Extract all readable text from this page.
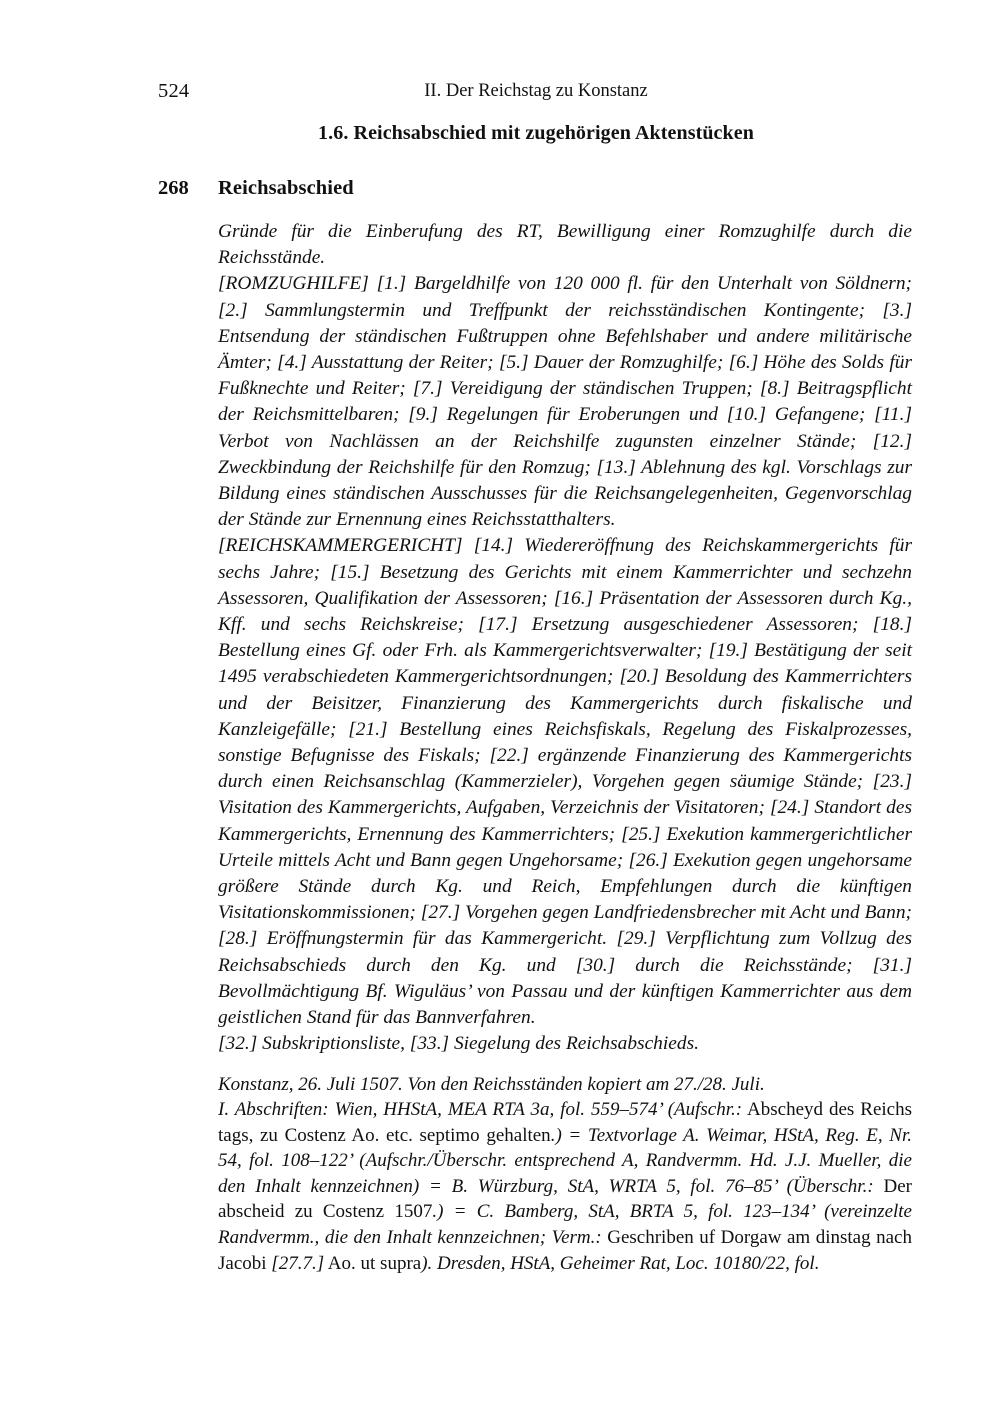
524	II. Der Reichstag zu Konstanz
1.6. Reichsabschied mit zugehörigen Aktenstücken
268 Reichsabschied

Gründe für die Einberufung des RT, Bewilligung einer Romzughilfe durch die Reichsstände.

[ROMZUGHILFE] [1.] Bargeldhilfe von 120 000 fl. für den Unterhalt von Söldnern; [2.] Sammlungstermin und Treffpunkt der reichsständischen Kontingente; [3.] Entsendung der ständischen Fußtruppen ohne Befehlshaber und andere militärische Ämter; [4.] Ausstattung der Reiter; [5.] Dauer der Romzughilfe; [6.] Höhe des Solds für Fußknechte und Reiter; [7.] Vereidigung der ständischen Truppen; [8.] Beitragspflicht der Reichsmittelbaren; [9.] Regelungen für Eroberungen und [10.] Gefangene; [11.] Verbot von Nachlässen an der Reichshilfe zugunsten einzelner Stände; [12.] Zweckbindung der Reichshilfe für den Romzug; [13.] Ablehnung des kgl. Vorschlags zur Bildung eines ständischen Ausschusses für die Reichsangelegenheiten, Gegenvorschlag der Stände zur Ernennung eines Reichsstatthalters.

[REICHSKAMMERGERICHT] [14.] Wiedereröffnung des Reichskammergerichts für sechs Jahre; [15.] Besetzung des Gerichts mit einem Kammerrichter und sechzehn Assessoren, Qualifikation der Assessoren; [16.] Präsentation der Assessoren durch Kg., Kff. und sechs Reichskreise; [17.] Ersetzung ausgeschiedener Assessoren; [18.] Bestellung eines Gf. oder Frh. als Kammergerichtsverwalter; [19.] Bestätigung der seit 1495 verabschiedeten Kammergerichtsordnungen; [20.] Besoldung des Kammerrichters und der Beisitzer, Finanzierung des Kammergerichts durch fiskalische und Kanzleigefälle; [21.] Bestellung eines Reichsfiskals, Regelung des Fiskalprozesses, sonstige Befugnisse des Fiskals; [22.] ergänzende Finanzierung des Kammergerichts durch einen Reichsanschlag (Kammerzieler), Vorgehen gegen säumige Stände; [23.] Visitation des Kammergerichts, Aufgaben, Verzeichnis der Visitatoren; [24.] Standort des Kammergerichts, Ernennung des Kammerrichters; [25.] Exekution kammergerichtlicher Urteile mittels Acht und Bann gegen Ungehorsame; [26.] Exekution gegen ungehorsame größere Stände durch Kg. und Reich, Empfehlungen durch die künftigen Visitationskommissionen; [27.] Vorgehen gegen Landfriedensbrecher mit Acht und Bann; [28.] Eröffnungstermin für das Kammergericht. [29.] Verpflichtung zum Vollzug des Reichsabschieds durch den Kg. und [30.] durch die Reichsstände; [31.] Bevollmächtigung Bf. Wiguläus’ von Passau und der künftigen Kammerrichter aus dem geistlichen Stand für das Bannverfahren.

[32.] Subskriptionsliste, [33.] Siegelung des Reichsabschieds.

Konstanz, 26. Juli 1507. Von den Reichsständen kopiert am 27./28. Juli.

I. Abschriften: Wien, HHStA, MEA RTA 3a, fol. 559–574’ (Aufschr.: Abscheyd des Reichs tags, zu Costenz Ao. etc. septimo gehalten.) = Textvorlage A. Weimar, HStA, Reg. E, Nr. 54, fol. 108–122’ (Aufschr./Überschr. entsprechend A, Randvermm. Hd. J.J. Mueller, die den Inhalt kennzeichnen) = B. Würzburg, StA, WRTA 5, fol. 76–85’ (Überschr.: Der abscheid zu Costenz 1507.) = C. Bamberg, StA, BRTA 5, fol. 123–134’ (vereinzelte Randvermm., die den Inhalt kennzeichnen; Verm.: Geschriben uf Dorgaw am dinstag nach Jacobi [27.7.] Ao. ut supra). Dresden, HStA, Geheimer Rat, Loc. 10180/22, fol.
